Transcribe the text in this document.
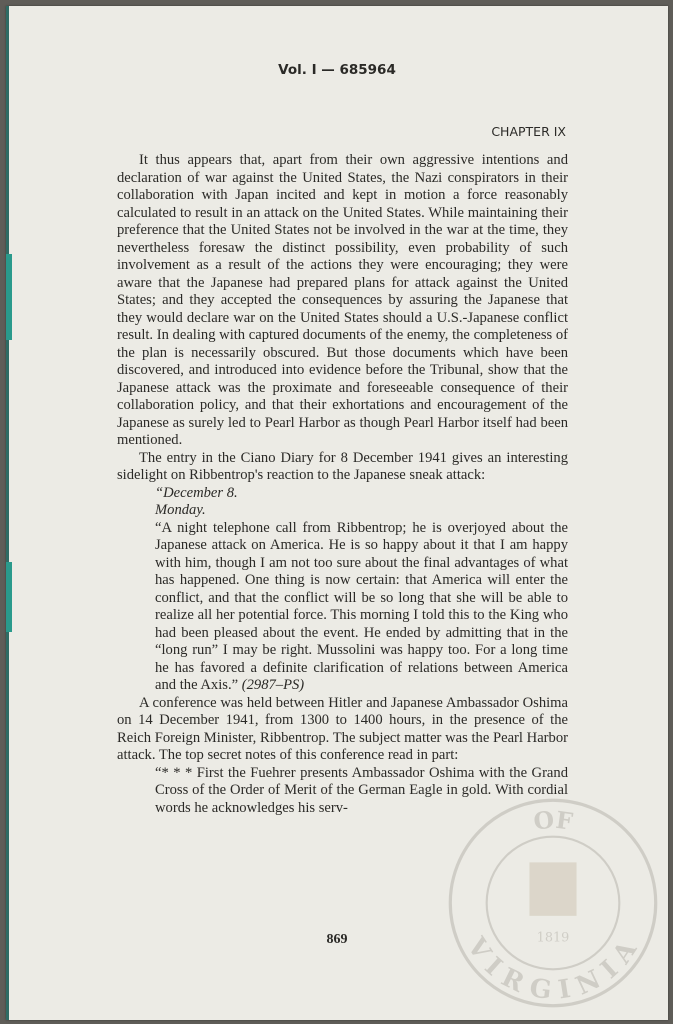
Vol. I — 685964
CHAPTER IX

It thus appears that, apart from their own aggressive intentions and declaration of war against the United States, the Nazi conspirators in their collaboration with Japan incited and kept in motion a force reasonably calculated to result in an attack on the United States. While maintaining their preference that the United States not be involved in the war at the time, they nevertheless foresaw the distinct possibility, even probability of such involvement as a result of the actions they were encouraging; they were aware that the Japanese had prepared plans for attack against the United States; and they accepted the consequences by assuring the Japanese that they would declare war on the United States should a U.S.-Japanese conflict result. In dealing with captured documents of the enemy, the completeness of the plan is necessarily obscured. But those documents which have been discovered, and introduced into evidence before the Tribunal, show that the Japanese attack was the proximate and foreseeable consequence of their collaboration policy, and that their exhortations and encouragement of the Japanese as surely led to Pearl Harbor as though Pearl Harbor itself had been mentioned.

The entry in the Ciano Diary for 8 December 1941 gives an interesting sidelight on Ribbentrop's reaction to the Japanese sneak attack:

“December 8.

Monday.

“A night telephone call from Ribbentrop; he is overjoyed about the Japanese attack on America. He is so happy about it that I am happy with him, though I am not too sure about the final advantages of what has happened. One thing is now certain: that America will enter the conflict, and that the conflict will be so long that she will be able to realize all her potential force. This morning I told this to the King who had been pleased about the event. He ended by admitting that in the “long run” I may be right. Mussolini was happy too. For a long time he has favored a definite clarification of relations between America and the Axis.” (2987–PS)

A conference was held between Hitler and Japanese Ambassador Oshima on 14 December 1941, from 1300 to 1400 hours, in the presence of the Reich Foreign Minister, Ribbentrop. The subject matter was the Pearl Harbor attack. The top secret notes of this conference read in part:

“* * * First the Fuehrer presents Ambassador Oshima with the Grand Cross of the Order of Merit of the German Eagle in gold. With cordial words he acknowledges his serv-

869
OF
VIRGINIA
1819
